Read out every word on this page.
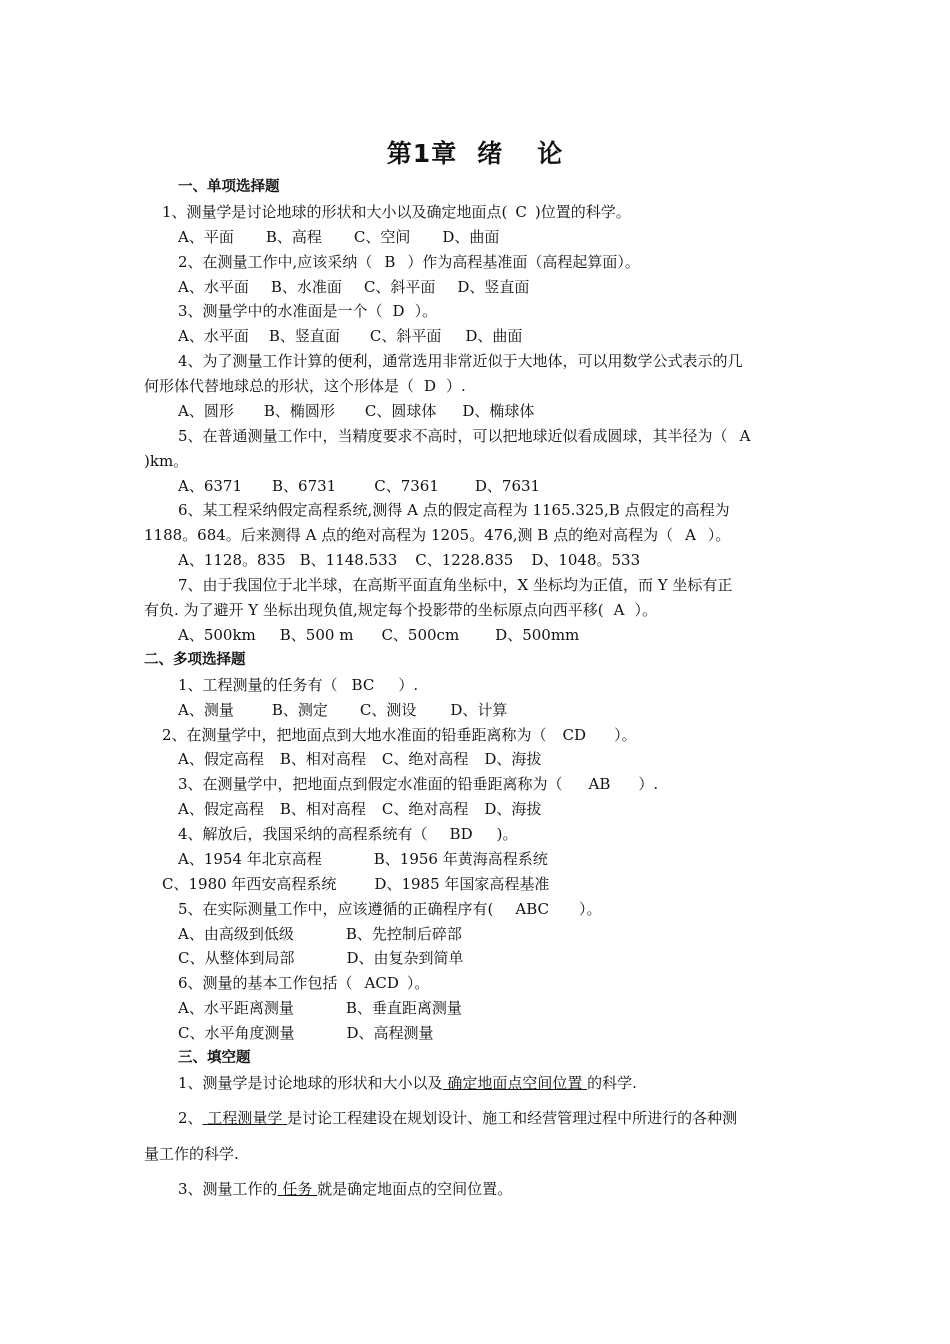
第1章 绪 论
一、单项选择题
1、测量学是讨论地球的形状和大小以及确定地面点( C )位置的科学。
A、平面 B、高程 C、空间 D、曲面
2、在测量工作中,应该采纳（ B ）作为高程基准面（高程起算面）。
A、水平面 B、水准面 C、斜平面 D、竖直面
3、测量学中的水准面是一个（ D ）。
A、水平面 B、竖直面 C、斜平面 D、曲面
4、为了测量工作计算的便利，通常选用非常近似于大地体，可以用数学公式表示的几
何形体代替地球总的形状，这个形体是（ D ）.
A、圆形 B、椭圆形 C、圆球体 D、椭球体
5、在普通测量工作中，当精度要求不高时，可以把地球近似看成圆球，其半径为（ A
)km。
A、6371 B、6731	C、7361 D、7631
6、某工程采纳假定高程系统,测得 A 点的假定高程为 1165.325,B 点假定的高程为
1188。684。后来测得 A 点的绝对高程为 1205。476,测 B 点的绝对高程为（ A ）。
A、1128。835 B、1148.533 C、1228.835 D、1048。533
7、由于我国位于北半球，在高斯平面直角坐标中，X 坐标均为正值，而 Y 坐标有正
有负. 为了避开 Y 坐标出现负值,规定每个投影带的坐标原点向西平移( A ）。
A、500km B、500 m C、500cm D、500mm
二、多项选择题
1、工程测量的任务有（ BC ）.
A、测量	B、测定 C、测设 D、计算
2、在测量学中，把地面点到大地水准面的铅垂距离称为（ CD ）。
A、假定高程 B、相对高程 C、绝对高程 D、海拔
3、在测量学中，把地面点到假定水准面的铅垂距离称为（ AB ）.
A、假定高程 B、相对高程 C、绝对高程 D、海拔
4、解放后，我国采纳的高程系统有（ BD )。
A、1954 年北京高程	B、1956 年黄海高程系统
C、1980 年西安高程系统	D、1985 年国家高程基准
5、在实际测量工作中，应该遵循的正确程序有( ABC ）。
A、由高级到低级	B、先控制后碎部
C、从整体到局部	D、由复杂到简单
6、测量的基本工作包括（ ACD ）。
A、水平距离测量	B、垂直距离测量
C、水平角度测量	D、高程测量
三、填空题
1、测量学是讨论地球的形状和大小以及 确定地面点空间位置 的科学.
2、 工程测量学 是讨论工程建设在规划设计、施工和经营管理过程中所进行的各种测
量工作的科学.
3、测量工作的 任务 就是确定地面点的空间位置。
